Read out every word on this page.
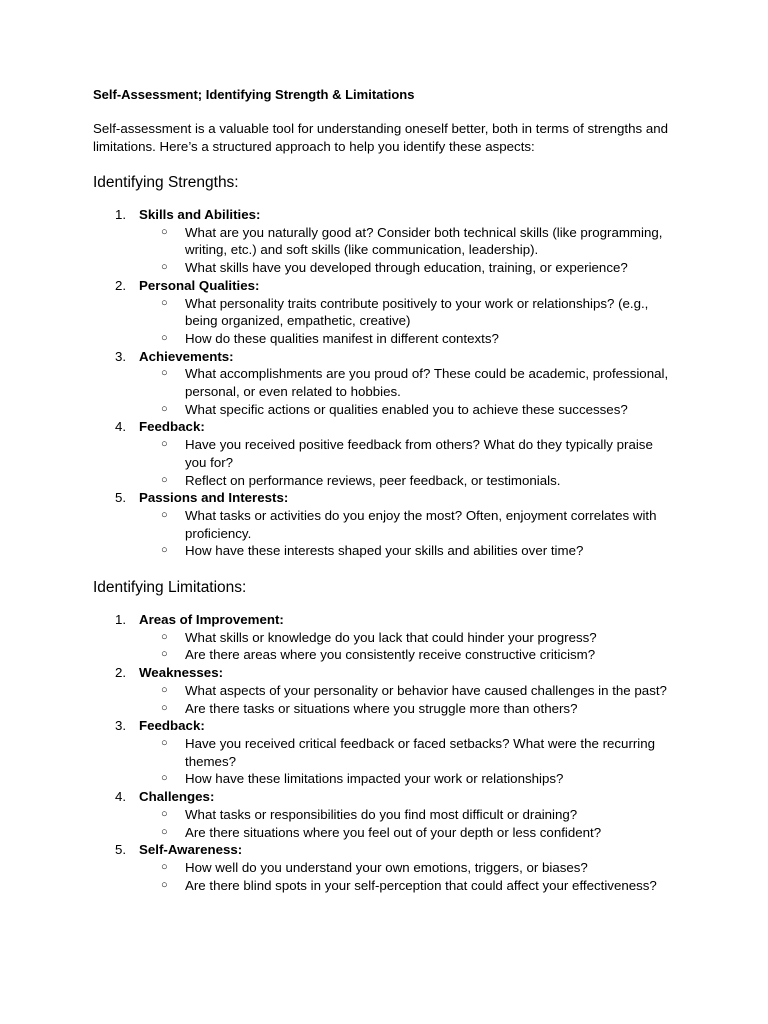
Self-Assessment; Identifying Strength & Limitations

Self-assessment is a valuable tool for understanding oneself better, both in terms of strengths and limitations. Here’s a structured approach to help you identify these aspects:

Identifying Strengths:
1. Skills and Abilities:
○ What are you naturally good at? Consider both technical skills (like programming, writing, etc.) and soft skills (like communication, leadership).
○ What skills have you developed through education, training, or experience?
2. Personal Qualities:
○ What personality traits contribute positively to your work or relationships? (e.g., being organized, empathetic, creative)
○ How do these qualities manifest in different contexts?
3. Achievements:
○ What accomplishments are you proud of? These could be academic, professional, personal, or even related to hobbies.
○ What specific actions or qualities enabled you to achieve these successes?
4. Feedback:
○ Have you received positive feedback from others? What do they typically praise you for?
○ Reflect on performance reviews, peer feedback, or testimonials.
5. Passions and Interests:
○ What tasks or activities do you enjoy the most? Often, enjoyment correlates with proficiency.
○ How have these interests shaped your skills and abilities over time?
Identifying Limitations:
1. Areas of Improvement:
○ What skills or knowledge do you lack that could hinder your progress?
○ Are there areas where you consistently receive constructive criticism?
2. Weaknesses:
○ What aspects of your personality or behavior have caused challenges in the past?
○ Are there tasks or situations where you struggle more than others?
3. Feedback:
○ Have you received critical feedback or faced setbacks? What were the recurring themes?
○ How have these limitations impacted your work or relationships?
4. Challenges:
○ What tasks or responsibilities do you find most difficult or draining?
○ Are there situations where you feel out of your depth or less confident?
5. Self-Awareness:
○ How well do you understand your own emotions, triggers, or biases?
○ Are there blind spots in your self-perception that could affect your effectiveness?
